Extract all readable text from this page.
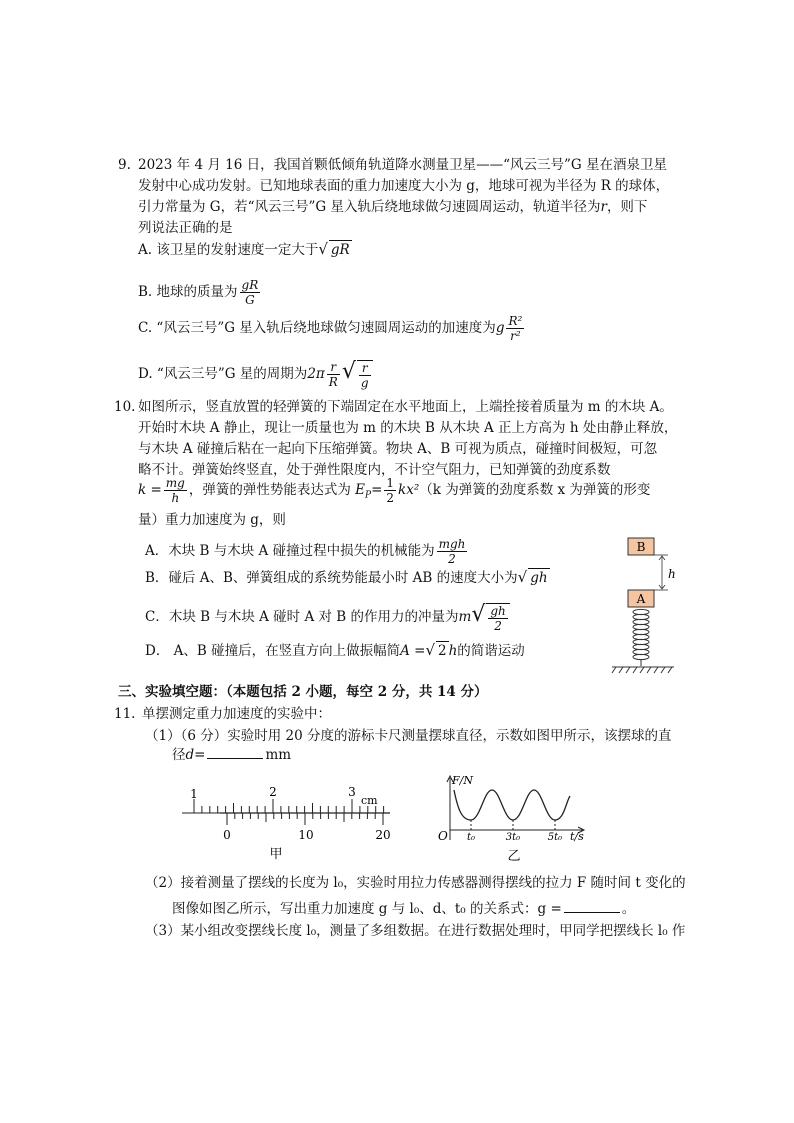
9. 2023 年 4 月 16 日，我国首颗低倾角轨道降水测量卫星——“风云三号”G 星在酒泉卫星
发射中心成功发射。已知地球表面的重力加速度大小为 g，地球可视为半径为 R 的球体，
引力常量为 G，若“风云三号”G 星入轨后绕地球做匀速圆周运动，轨道半径为r，则下
列说法正确的是
A. 该卫星的发射速度一定大于√ gR
B. 地球的质量为 $\frac{gR}{G}$
C. “风云三号”G 星入轨后绕地球做匀速圆周运动的加速度为g $\frac{\text{R²}}{\text{r²}}$
D. “风云三号”G 星的周期为$2\pi \frac{r}{R}$ √ $\frac{r}{g}$
10. 如图所示，竖直放置的轻弹簧的下端固定在水平地面上，上端拴接着质量为 m 的木块 A。
开始时木块 A 静止，现让一质量也为 m 的木块 B 从木块 A 正上方高为 h 处由静止释放，
与木块 A 碰撞后粘在一起向下压缩弹簧。物块 A、B 可视为质点，碰撞时间极短，可忽
略不计。弹簧始终竖直，处于弹性限度内，不计空气阻力，已知弹簧的劲度系数
$k = \frac{mg}{h}$ ，弹簧的弹性势能表达式为 $E_P= \frac{1}{2} kx^2(k$ 为弹簧的劲度系数 x 为弹簧的形变
量）重力加速度为 g，则
A．木块 B 与木块 A 碰撞过程中损失的机械能为 $\frac{\text{mgh}}{2}$
B．碰后 A、B、弹簧组成的系统势能最小时 AB 的速度大小为√ gh
C．木块 B 与木块 A 碰时 A 对 B 的作用力的冲量为$m√ \frac{gh}{2}$
D． A、B 碰撞后，在竖直方向上做振幅简A =√ 2 h的简谐运动
B
h
A
三、实验填空题：（本题包括 2 小题，每空 2 分，共 14 分）
11. 单摆测定重力加速度的实验中：
（1）（6 分）实验时用 20 分度的游标卡尺测量摆球直径，示数如图甲所示，该摆球的直
径d=	mm
1	2	3
cm
0	10	20
甲
F/N
O t₀	3t₀	5t₀ t/s
乙
（2）接着测量了摆线的长度为 l₀，实验时用拉力传感器测得摆线的拉力 F 随时间 t 变化的
图像如图乙所示，写出重力加速度 g 与 l₀、d、t₀ 的关系式：g =	。
（3）某小组改变摆线长度 l₀，测量了多组数据。在进行数据处理时，甲同学把摆线长 l₀ 作
